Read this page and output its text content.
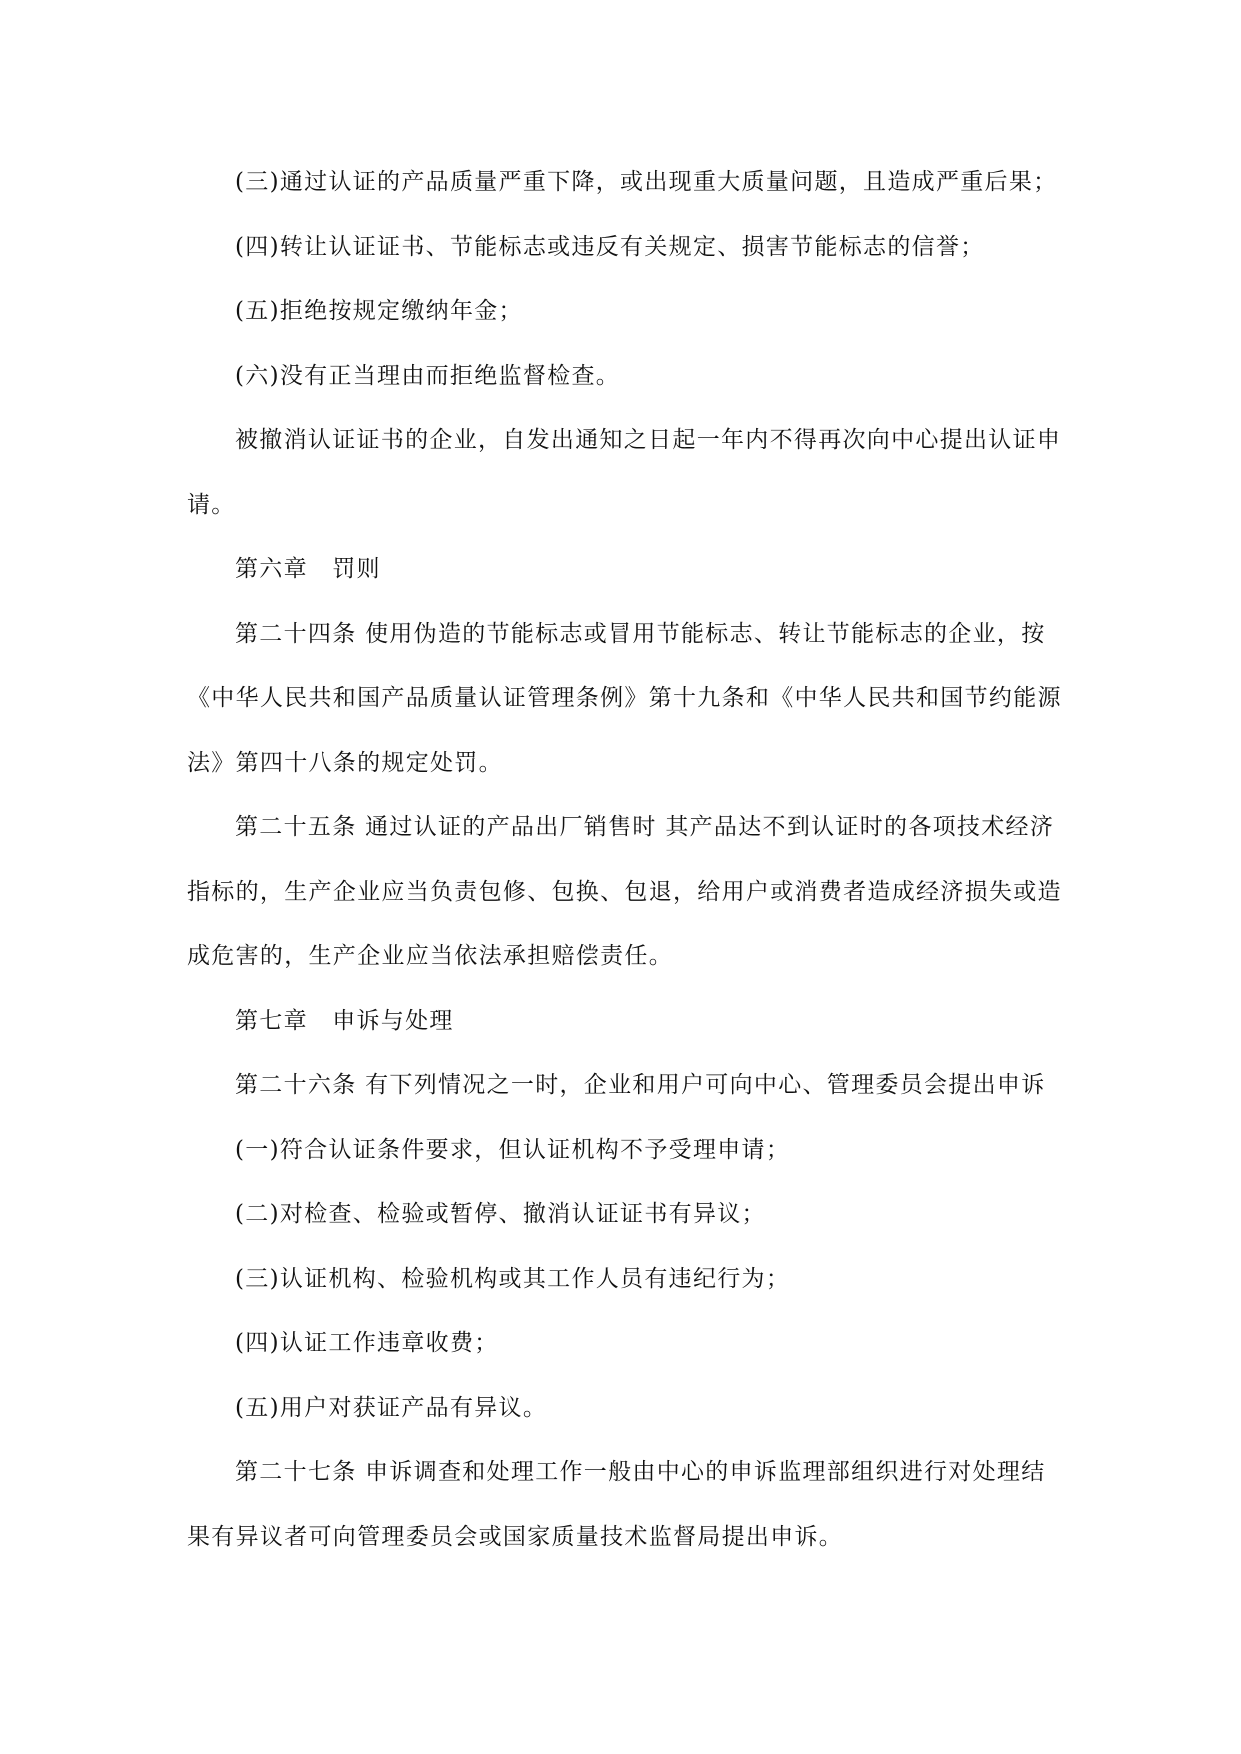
(三)通过认证的产品质量严重下降，或出现重大质量问题，且造成严重后果；
(四)转让认证证书、节能标志或违反有关规定、损害节能标志的信誉；
(五)拒绝按规定缴纳年金；
(六)没有正当理由而拒绝监督检查。
被撤消认证证书的企业，自发出通知之日起一年内不得再次向中心提出认证申
请。
第六章　罚则
第二十四条 使用伪造的节能标志或冒用节能标志、转让节能标志的企业，按
《中华人民共和国产品质量认证管理条例》第十九条和《中华人民共和国节约能源
法》第四十八条的规定处罚。
第二十五条 通过认证的产品出厂销售时 其产品达不到认证时的各项技术经济
指标的，生产企业应当负责包修、包换、包退，给用户或消费者造成经济损失或造
成危害的，生产企业应当依法承担赔偿责任。
第七章　申诉与处理
第二十六条 有下列情况之一时，企业和用户可向中心、管理委员会提出申诉
(一)符合认证条件要求，但认证机构不予受理申请；
(二)对检查、检验或暂停、撤消认证证书有异议；
(三)认证机构、检验机构或其工作人员有违纪行为；
(四)认证工作违章收费；
(五)用户对获证产品有异议。
第二十七条 申诉调查和处理工作一般由中心的申诉监理部组织进行对处理结
果有异议者可向管理委员会或国家质量技术监督局提出申诉。
